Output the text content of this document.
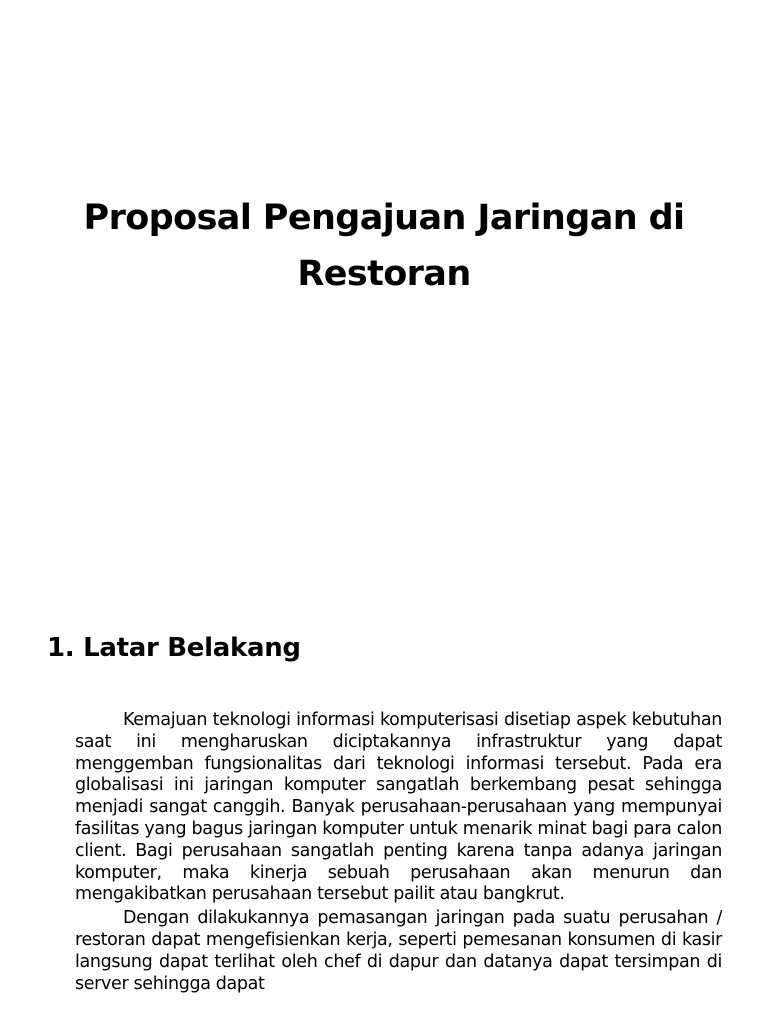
Proposal Pengajuan Jaringan di Restoran
1. Latar Belakang

Kemajuan teknologi informasi komputerisasi disetiap aspek kebutuhan saat ini mengharuskan diciptakannya infrastruktur yang dapat menggemban fungsionalitas dari teknologi informasi tersebut. Pada era globalisasi ini jaringan komputer sangatlah berkembang pesat sehingga menjadi sangat canggih. Banyak perusahaan-perusahaan yang mempunyai fasilitas yang bagus jaringan komputer untuk menarik minat bagi para calon client. Bagi perusahaan sangatlah penting karena tanpa adanya jaringan komputer, maka kinerja sebuah perusahaan akan menurun dan mengakibatkan perusahaan tersebut pailit atau bangkrut.

Dengan dilakukannya pemasangan jaringan pada suatu perusahan / restoran dapat mengefisienkan kerja, seperti pemesanan konsumen di kasir langsung dapat terlihat oleh chef di dapur dan datanya dapat tersimpan di server sehingga dapat
